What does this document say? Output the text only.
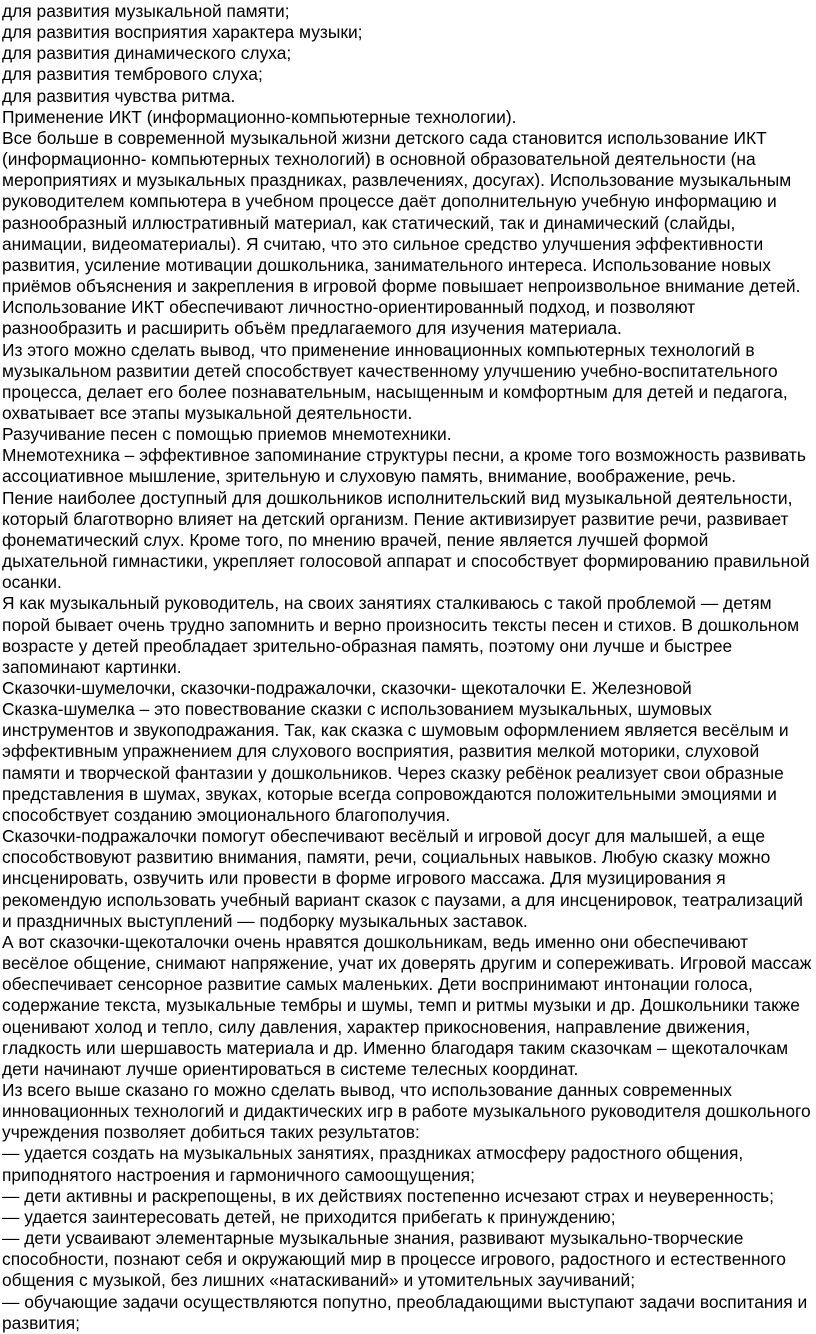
для развития музыкальной памяти;

для развития восприятия характера музыки;

для развития динамического слуха;

для развития тембрового слуха;

для развития чувства ритма.

Применение ИКТ (информационно-компьютерные технологии).

Все больше в современной музыкальной жизни детского сада становится использование ИКТ (информационно- компьютерных технологий) в основной образовательной деятельности (на мероприятиях и музыкальных праздниках, развлечениях, досугах). Использование музыкальным руководителем компьютера в учебном процессе даёт дополнительную учебную информацию и разнообразный иллюстративный материал, как статический, так и динамический (слайды, анимации, видеоматериалы). Я считаю, что это сильное средство улучшения эффективности развития, усиление мотивации дошкольника, занимательного интереса. Использование новых приёмов объяснения и закрепления в игровой форме повышает непроизвольное внимание детей. Использование ИКТ обеспечивают личностно-ориентированный подход, и позволяют разнообразить и расширить объём предлагаемого для изучения материала.

Из этого можно сделать вывод, что применение инновационных компьютерных технологий в музыкальном развитии детей способствует качественному улучшению учебно-воспитательного процесса, делает его более познавательным, насыщенным и комфортным для детей и педагога, охватывает все этапы музыкальной деятельности.

Разучивание песен с помощью приемов мнемотехники.

Мнемотехника – эффективное запоминание структуры песни, а кроме того возможность развивать ассоциативное мышление, зрительную и слуховую память, внимание, воображение, речь.

Пение наиболее доступный для дошкольников исполнительский вид музыкальной деятельности, который благотворно влияет на детский организм. Пение активизирует развитие речи, развивает фонематический слух. Кроме того, по мнению врачей, пение является лучшей формой дыхательной гимнастики, укрепляет голосовой аппарат и способствует формированию правильной осанки.

Я как музыкальный руководитель, на своих занятиях сталкиваюсь с такой проблемой — детям порой бывает очень трудно запомнить и верно произносить тексты песен и стихов. В дошкольном возрасте у детей преобладает зрительно-образная память, поэтому они лучше и быстрее запоминают картинки.

Сказочки-шумелочки, сказочки-подражалочки, сказочки- щекоталочки Е. Железновой

Сказка-шумелка – это повествование сказки с использованием музыкальных, шумовых инструментов и звукоподражания. Так, как сказка с шумовым оформлением является весёлым и эффективным упражнением для слухового восприятия, развития мелкой моторики, слуховой памяти и творческой фантазии у дошкольников. Через сказку ребёнок реализует свои образные представления в шумах, звуках, которые всегда сопровождаются положительными эмоциями и способствует созданию эмоционального благополучия.

Сказочки-подражалочки помогут обеспечивают весёлый и игровой досуг для малышей, а еще способствовуют развитию внимания, памяти, речи, социальных навыков. Любую сказку можно инсценировать, озвучить или провести в форме игрового массажа. Для музицирования я рекомендую использовать учебный вариант сказок с паузами, а для инсценировок, театрализаций и праздничных выступлений — подборку музыкальных заставок.

А вот сказочки-щекоталочки очень нравятся дошкольникам, ведь именно они обеспечивают весёлое общение, снимают напряжение, учат их доверять другим и сопереживать. Игровой массаж обеспечивает сенсорное развитие самых маленьких. Дети воспринимают интонации голоса, содержание текста, музыкальные тембры и шумы, темп и ритмы музыки и др. Дошкольники также оценивают холод и тепло, силу давления, характер прикосновения, направление движения, гладкость или шершавость материала и др. Именно благодаря таким сказочкам – щекоталочкам дети начинают лучше ориентироваться в системе телесных координат.

Из всего выше сказано го можно сделать вывод, что использование данных современных инновационных технологий и дидактических игр в работе музыкального руководителя дошкольного учреждения позволяет добиться таких результатов:

— удается создать на музыкальных занятиях, праздниках атмосферу радостного общения, приподнятого настроения и гармоничного самоощущения;

— дети активны и раскрепощены, в их действиях постепенно исчезают страх и неуверенность;

— удается заинтересовать детей, не приходится прибегать к принуждению;

— дети усваивают элементарные музыкальные знания, развивают музыкально-творческие способности, познают себя и окружающий мир в процессе игрового, радостного и естественного общения с музыкой, без лишних «натаскиваний» и утомительных заучиваний;

— обучающие задачи осуществляются попутно, преобладающими выступают задачи воспитания и развития;
